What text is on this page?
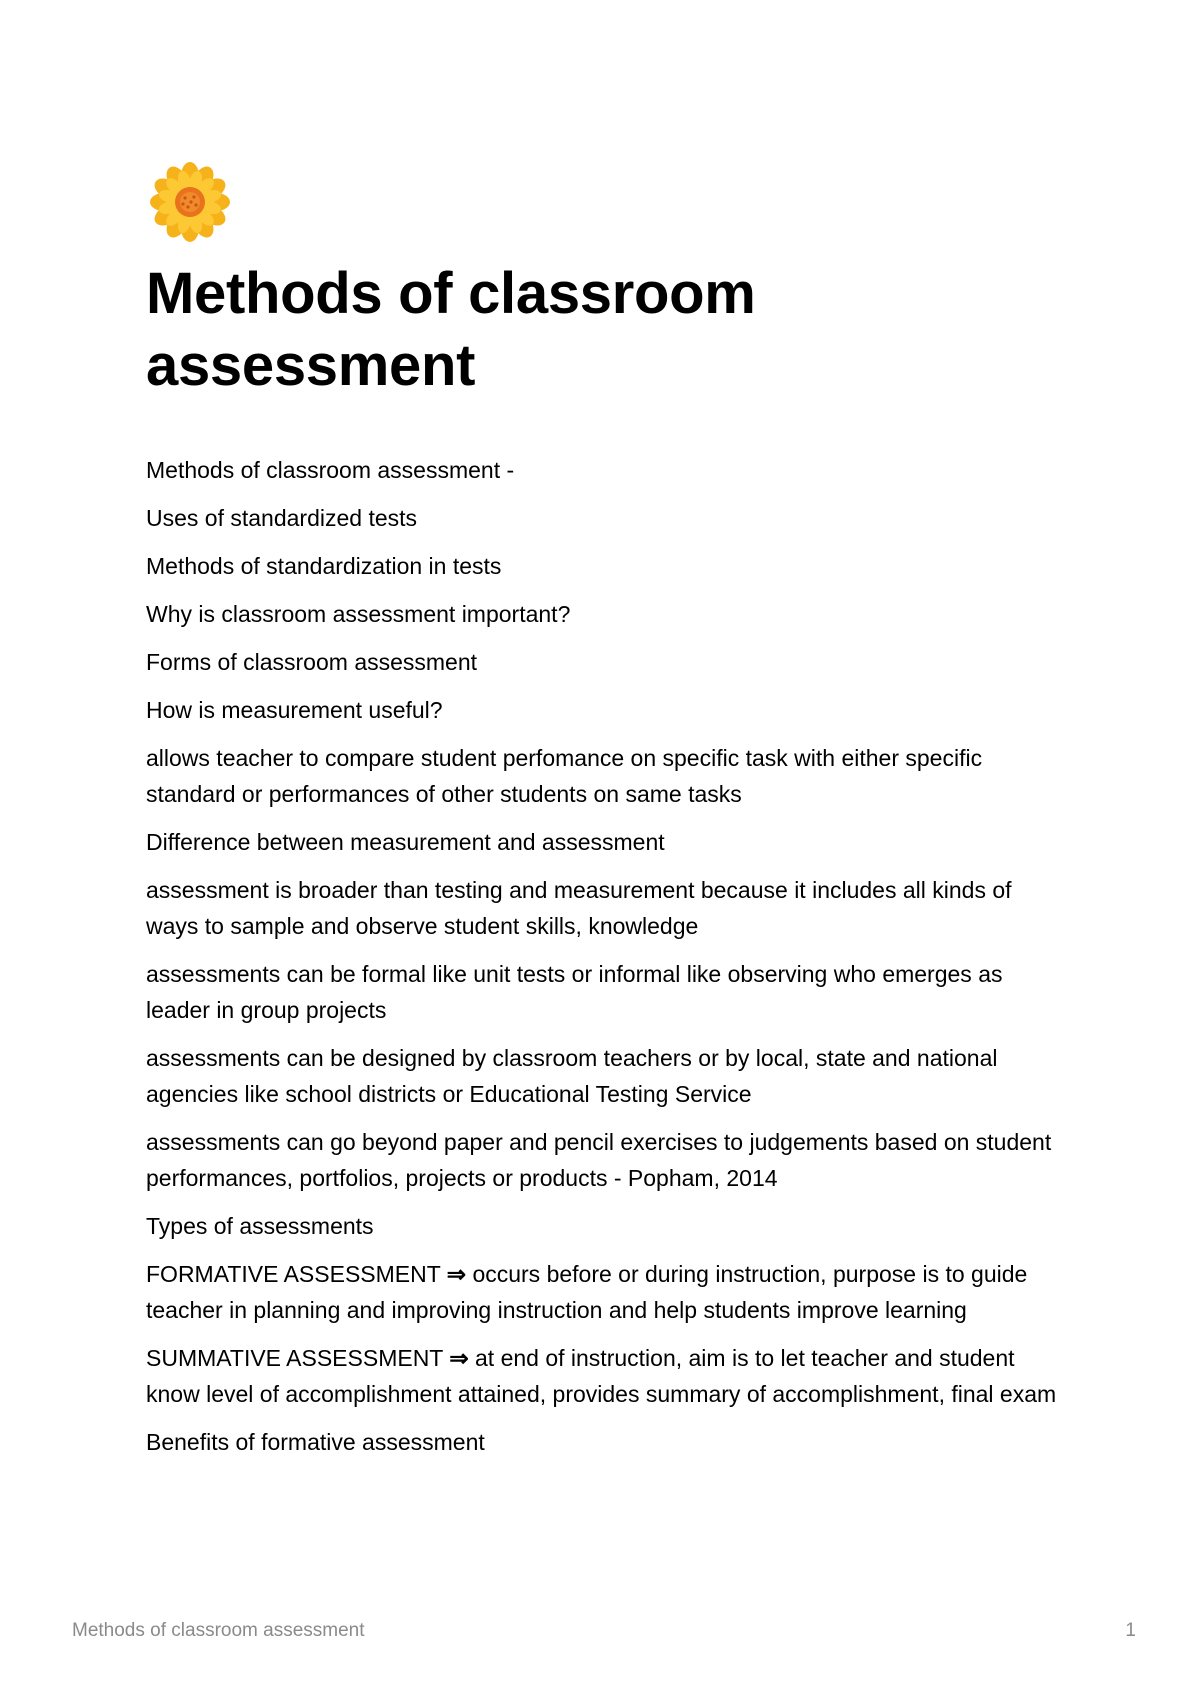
Methods of classroom assessment

Methods of classroom assessment -

Uses of standardized tests

Methods of standardization in tests

Why is classroom assessment important?

Forms of classroom assessment

How is measurement useful?

allows teacher to compare student perfomance on specific task with either specific standard or performances of other students on same tasks

Difference between measurement and assessment

assessment is broader than testing and measurement because it includes all kinds of ways to sample and observe student skills, knowledge

assessments can be formal like unit tests or informal like observing who emerges as leader in group projects

assessments can be designed by classroom teachers or by local, state and national agencies like school districts or Educational Testing Service

assessments can go beyond paper and pencil exercises to judgements based on student performances, portfolios, projects or products - Popham, 2014

Types of assessments

FORMATIVE ASSESSMENT ⇒ occurs before or during instruction, purpose is to guide teacher in planning and improving instruction and help students improve learning

SUMMATIVE ASSESSMENT ⇒ at end of instruction, aim is to let teacher and student know level of accomplishment attained, provides summary of accomplishment, final exam

Benefits of formative assessment

Methods of classroom assessment	1
